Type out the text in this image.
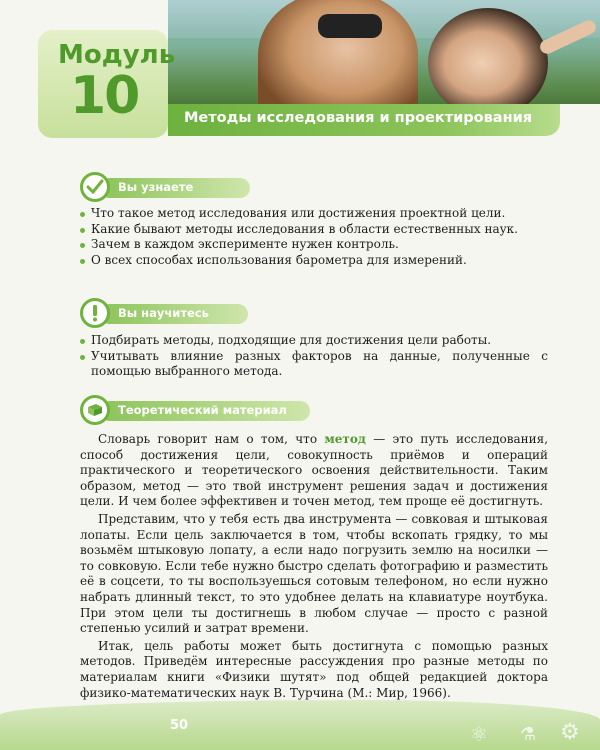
Модуль
10	Методы исследования и проектирования
Вы узнаете
Что такое метод исследования или достижения проектной цели.
Какие бывают методы исследования в области естественных наук.
Зачем в каждом эксперименте нужен контроль.
О всех способах использования барометра для измерений.
Вы научитесь
Подбирать методы, подходящие для достижения цели работы.
Учитывать влияние разных факторов на данные, полученные с помощью выбранного метода.
Теоретический материал

Словарь говорит нам о том, что метод — это путь исследования, способ достижения цели, совокупность приёмов и операций практического и теоретического освоения действительности. Таким образом, метод — это твой инструмент решения задач и достижения цели. И чем более эффективен и точен метод, тем проще её достигнуть.

Представим, что у тебя есть два инструмента — совковая и штыковая лопаты. Если цель заключается в том, чтобы вскопать грядку, то мы возьмём штыковую лопату, а если надо погрузить землю на носилки — то совковую. Если тебе нужно быстро сделать фотографию и разместить её в соцсети, то ты воспользуешься сотовым телефоном, но если нужно набрать длинный текст, то это удобнее делать на клавиатуре ноутбука. При этом цели ты достигнешь в любом случае — просто с разной степенью усилий и затрат времени.

Итак, цель работы может быть достигнута с помощью разных методов. Приведём интересные рассуждения про разные методы по материалам книги «Физики шутят» под общей редакцией доктора физико-математических наук В. Турчина (М.: Мир, 1966).

50	⚛ ⚗ ⚙
